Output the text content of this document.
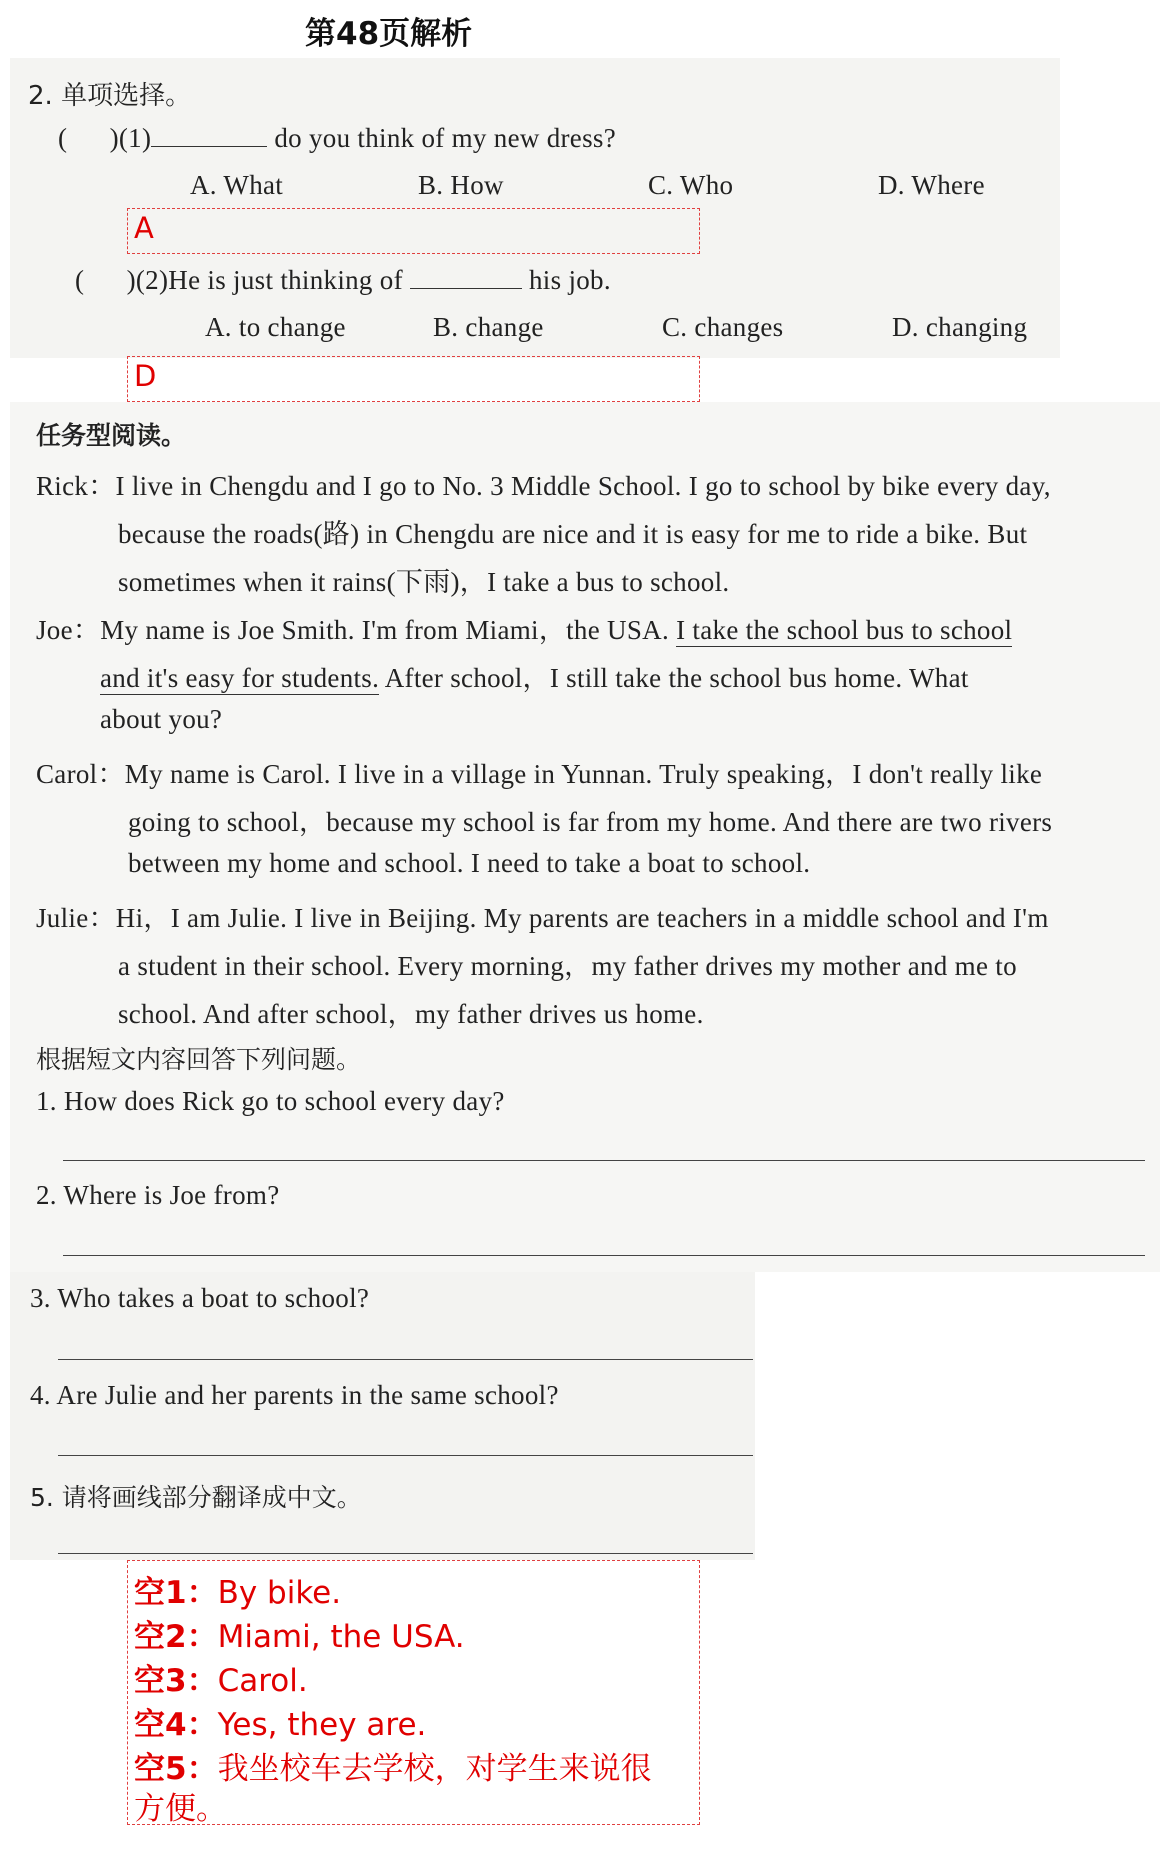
第48页解析
2. 单项选择。
(      )(1)	do you think of my new dress?
A. What	B. How	C. Who	D. Where
A
(      )(2)He is just thinking of	his job.
A. to change	B. change	C. changes	D. changing
D
任务型阅读。
Rick：I live in Chengdu and I go to No. 3 Middle School. I go to school by bike every day,
because the roads(路) in Chengdu are nice and it is easy for me to ride a bike. But
sometimes when it rains(下雨)，I take a bus to school.
Joe：My name is Joe Smith. I'm from Miami，the USA. I take the school bus to school
and it's easy for students. After school，I still take the school bus home. What
about you?
Carol：My name is Carol. I live in a village in Yunnan. Truly speaking，I don't really like
going to school，because my school is far from my home. And there are two rivers
between my home and school. I need to take a boat to school.
Julie：Hi，I am Julie. I live in Beijing. My parents are teachers in a middle school and I'm
a student in their school. Every morning，my father drives my mother and me to
school. And after school，my father drives us home.
根据短文内容回答下列问题。
1. How does Rick go to school every day?
2. Where is Joe from?
3. Who takes a boat to school?
4. Are Julie and her parents in the same school?
5. 请将画线部分翻译成中文。
空1：By bike.
空2：Miami, the USA.
空3：Carol.
空4：Yes, they are.
空5：我坐校车去学校，对学生来说很
方便。
